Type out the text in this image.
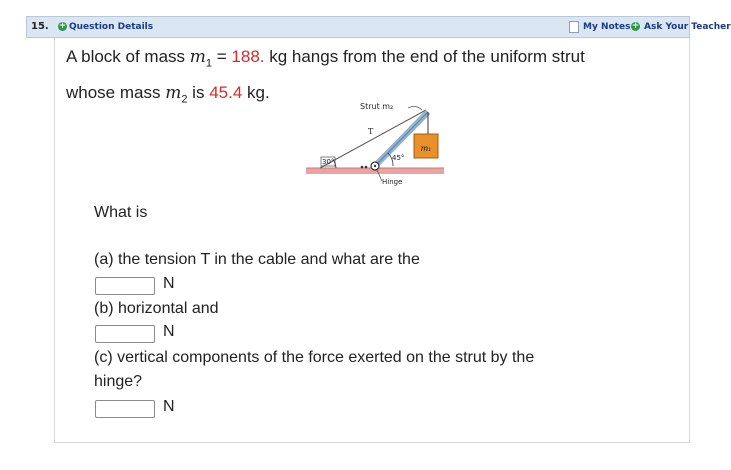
15. + Question Details	My Notes + Ask Your Teacher
A block of mass $m_1 = 188$. kg hangs from the end of the uniform strut
whose mass $m_2$ is 45.4 kg.
m₁
45°
30°
Strut m₂
T
Hinge
What is
(a) the tension T in the cable and what are the
N
(b) horizontal and
N
(c) vertical components of the force exerted on the strut by the
hinge?
N
